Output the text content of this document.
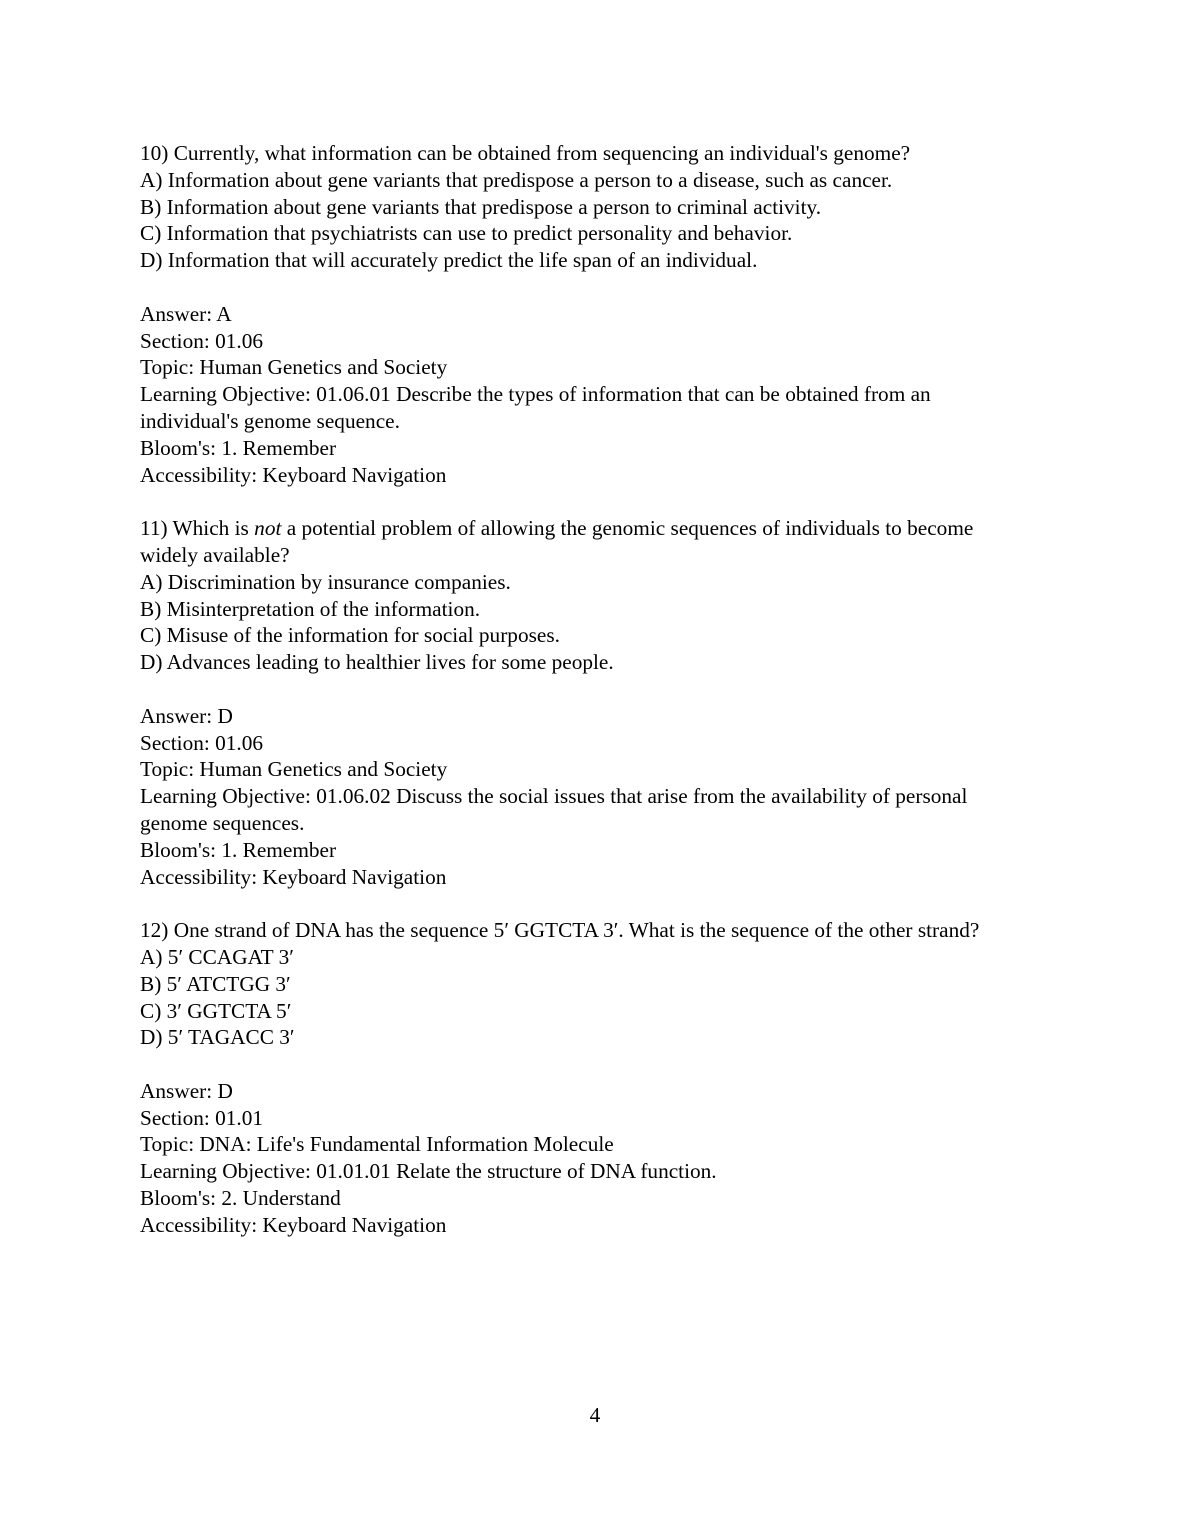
10) Currently, what information can be obtained from sequencing an individual's genome?
A) Information about gene variants that predispose a person to a disease, such as cancer.
B) Information about gene variants that predispose a person to criminal activity.
C) Information that psychiatrists can use to predict personality and behavior.
D) Information that will accurately predict the life span of an individual.
Answer: A
Section: 01.06
Topic: Human Genetics and Society
Learning Objective: 01.06.01 Describe the types of information that can be obtained from an individual's genome sequence.
Bloom's: 1. Remember
Accessibility: Keyboard Navigation
11) Which is not a potential problem of allowing the genomic sequences of individuals to become widely available?
A) Discrimination by insurance companies.
B) Misinterpretation of the information.
C) Misuse of the information for social purposes.
D) Advances leading to healthier lives for some people.
Answer: D
Section: 01.06
Topic: Human Genetics and Society
Learning Objective: 01.06.02 Discuss the social issues that arise from the availability of personal genome sequences.
Bloom's: 1. Remember
Accessibility: Keyboard Navigation
12) One strand of DNA has the sequence 5′ GGTCTA 3′. What is the sequence of the other strand?
A) 5′ CCAGAT 3′
B) 5′ ATCTGG 3′
C) 3′ GGTCTA 5′
D) 5′ TAGACC 3′
Answer: D
Section: 01.01
Topic: DNA: Life's Fundamental Information Molecule
Learning Objective: 01.01.01 Relate the structure of DNA function.
Bloom's: 2. Understand
Accessibility: Keyboard Navigation
4
